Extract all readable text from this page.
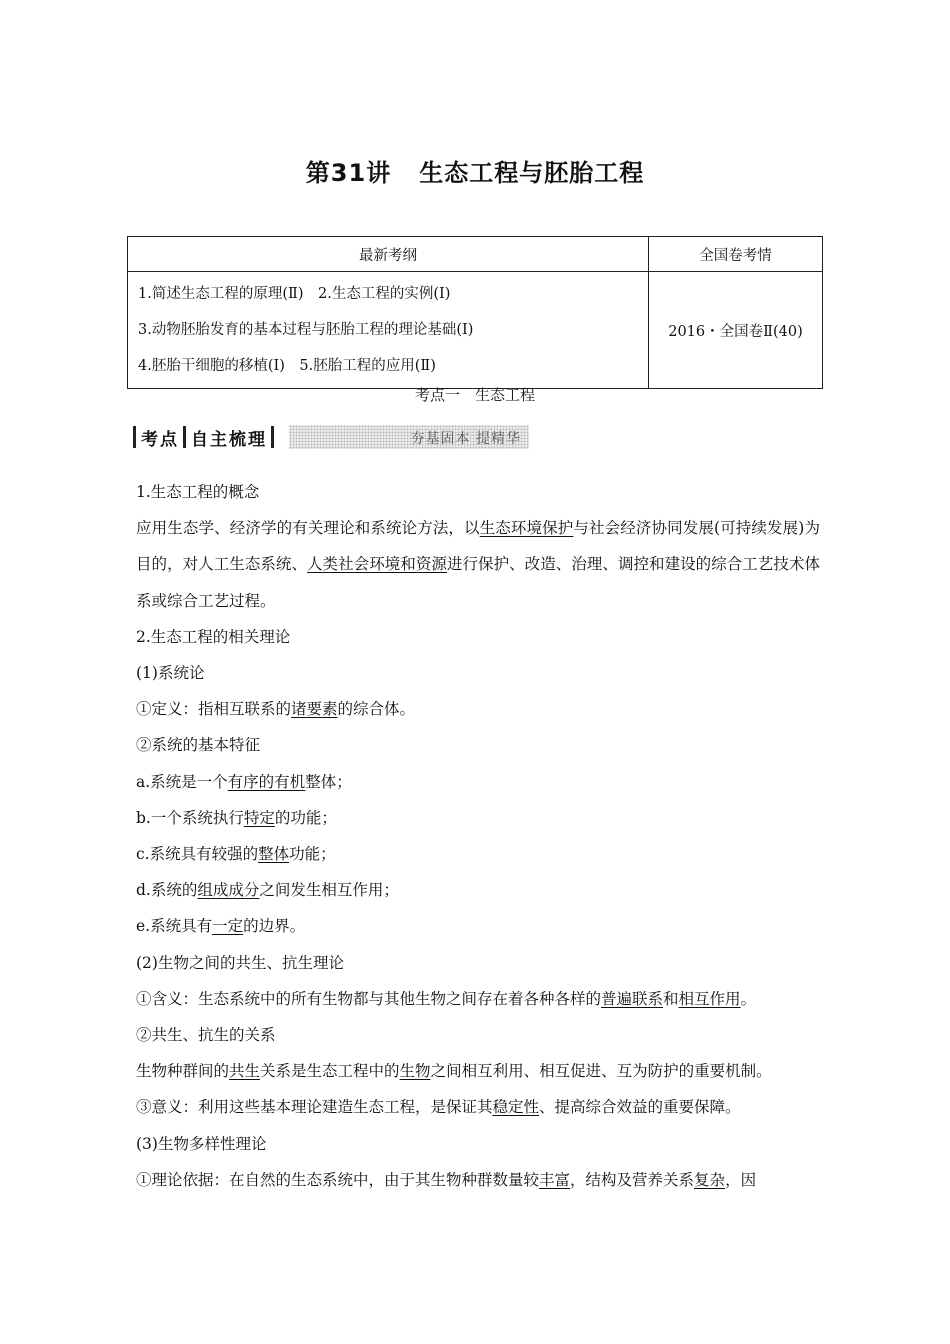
第31讲 生态工程与胚胎工程
最新考纲	全国卷考情

1.简述生态工程的原理(Ⅱ)　2.生态工程的实例(Ⅰ)
3.动物胚胎发育的基本过程与胚胎工程的理论基础(Ⅰ)
4.胚胎干细胞的移植(Ⅰ)　5.胚胎工程的应用(Ⅱ)	2016・全国卷Ⅱ(40)
考点一　生态工程
考点 自主梳理	夯基固本 提精华

1.生态工程的概念

应用生态学、经济学的有关理论和系统论方法，以生态环境保护与社会经济协同发展(可持续发展)为目的，对人工生态系统、人类社会环境和资源进行保护、改造、治理、调控和建设的综合工艺技术体系或综合工艺过程。

2.生态工程的相关理论

(1)系统论

①定义：指相互联系的诸要素的综合体。

②系统的基本特征

a.系统是一个有序的有机整体；

b.一个系统执行特定的功能；

c.系统具有较强的整体功能；

d.系统的组成成分之间发生相互作用；

e.系统具有一定的边界。

(2)生物之间的共生、抗生理论

①含义：生态系统中的所有生物都与其他生物之间存在着各种各样的普遍联系和相互作用。

②共生、抗生的关系

生物种群间的共生关系是生态工程中的生物之间相互利用、相互促进、互为防护的重要机制。

③意义：利用这些基本理论建造生态工程，是保证其稳定性、提高综合效益的重要保障。

(3)生物多样性理论

①理论依据：在自然的生态系统中，由于其生物种群数量较丰富，结构及营养关系复杂，因
